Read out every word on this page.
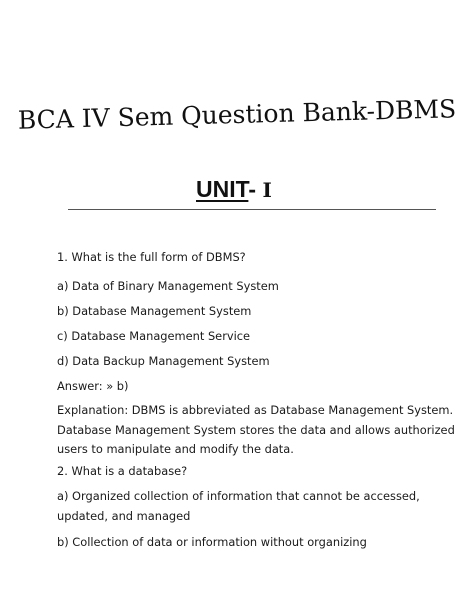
BCA IV Sem Question Bank-DBMS
UNIT- I
1. What is the full form of DBMS?
a) Data of Binary Management System
b) Database Management System
c) Database Management Service
d) Data Backup Management System
Answer: » b)
Explanation: DBMS is abbreviated as Database Management System.
Database Management System stores the data and allows authorized
users to manipulate and modify the data.
2. What is a database?
a) Organized collection of information that cannot be accessed,
updated, and managed
b) Collection of data or information without organizing
